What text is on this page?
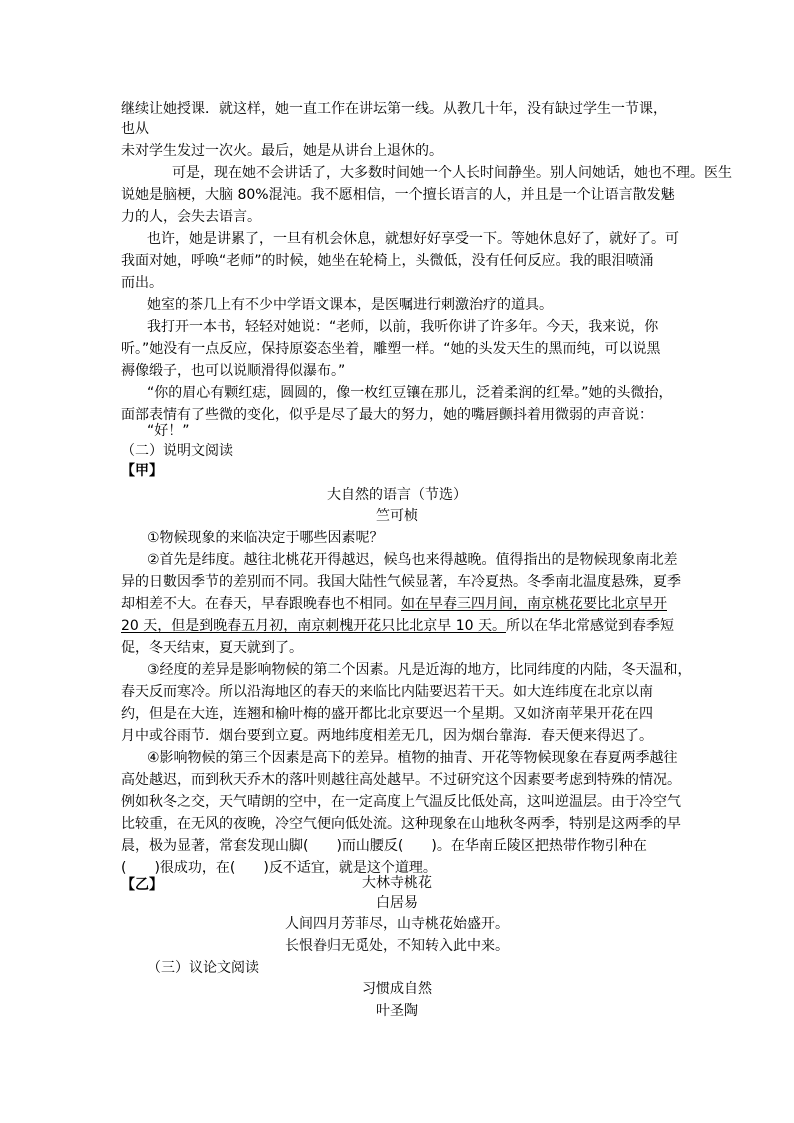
继续让她授课．就这样，她一直工作在讲坛第一线。从教几十年，没有缺过学生一节课，
也从
未对学生发过一次火。最后，她是从讲台上退休的。
可是，现在她不会讲话了，大多数时间她一个人长时间静坐。别人问她话，她也不理。医生
说她是脑梗，大脑 80%混沌。我不愿相信，一个擅长语言的人，并且是一个让语言散发魅
力的人，会失去语言。
也许，她是讲累了，一旦有机会休息，就想好好享受一下。等她休息好了，就好了。可
我面对她，呼唤“老师”的时候，她坐在轮椅上，头微低，没有任何反应。我的眼泪喷涌
而出。
她室的茶几上有不少中学语文课本，是医嘱进行刺激治疗的道具。
我打开一本书，轻轻对她说：“老师，以前，我听你讲了许多年。今天，我来说，你
听。”她没有一点反应，保持原姿态坐着，雕塑一样。“她的头发天生的黑而纯，可以说黑
褥像缎子，也可以说顺滑得似瀑布。”
“你的眉心有颗红痣，圆圆的，像一枚红豆镶在那儿，泛着柔润的红晕。”她的头微抬，
面部表情有了些微的变化，似乎是尽了最大的努力，她的嘴唇颤抖着用微弱的声音说：
“好！”
（二）说明文阅读
【甲】
大自然的语言（节选）
竺可桢
①物候现象的来临决定于哪些因素呢？
②首先是纬度。越往北桃花开得越迟，候鸟也来得越晚。值得指出的是物候现象南北差
异的日數因季节的差别而不同。我国大陆性气候显著，车冷夏热。冬季南北温度悬殊，夏季
却相差不大。在春天，早春跟晚春也不相同。如在早春三四月间，南京桃花要比北京早开
20 天，但是到晚春五月初，南京刺槐开花只比北京早 10 天。所以在华北常感觉到春季短
促，冬天结束，夏天就到了。
③经度的差异是影响物候的第二个因素。凡是近海的地方，比同纬度的内陆，冬天温和，
春天反而寒冷。所以沿海地区的春天的来临比内陆要迟若干天。如大连纬度在北京以南
约，但是在大连，连翘和榆叶梅的盛开都比北京要迟一个星期。又如济南苹果开花在四
月中或谷雨节．烟台要到立夏。两地纬度相差无几，因为烟台靠海．春天便来得迟了。
④影响物候的第三个因素是高下的差异。植物的抽青、开花等物候现象在春夏两季越往
高处越迟，而到秋天乔木的落叶则越往高处越早。不过研究这个因素要考虑到特殊的情况。
例如秋冬之交，天气晴朗的空中，在一定高度上气温反比低处高，这叫逆温层。由于冷空气
比较重，在无风的夜晚，冷空气便向低处流。这种现象在山地秋冬两季，特别是这两季的早
晨，极为显著，常套发现山脚(　　)而山腰反(　　)。在华南丘陵区把热带作物引种在
(　　)很成功，在(　　)反不适宜，就是这个道理。
【乙】	大林寺桃花
白居易
人间四月芳菲尽，山寺桃花始盛开。
长恨眷归无觅处，不知转入此中来。
（三）议论文阅读
习惯成自然
叶圣陶
